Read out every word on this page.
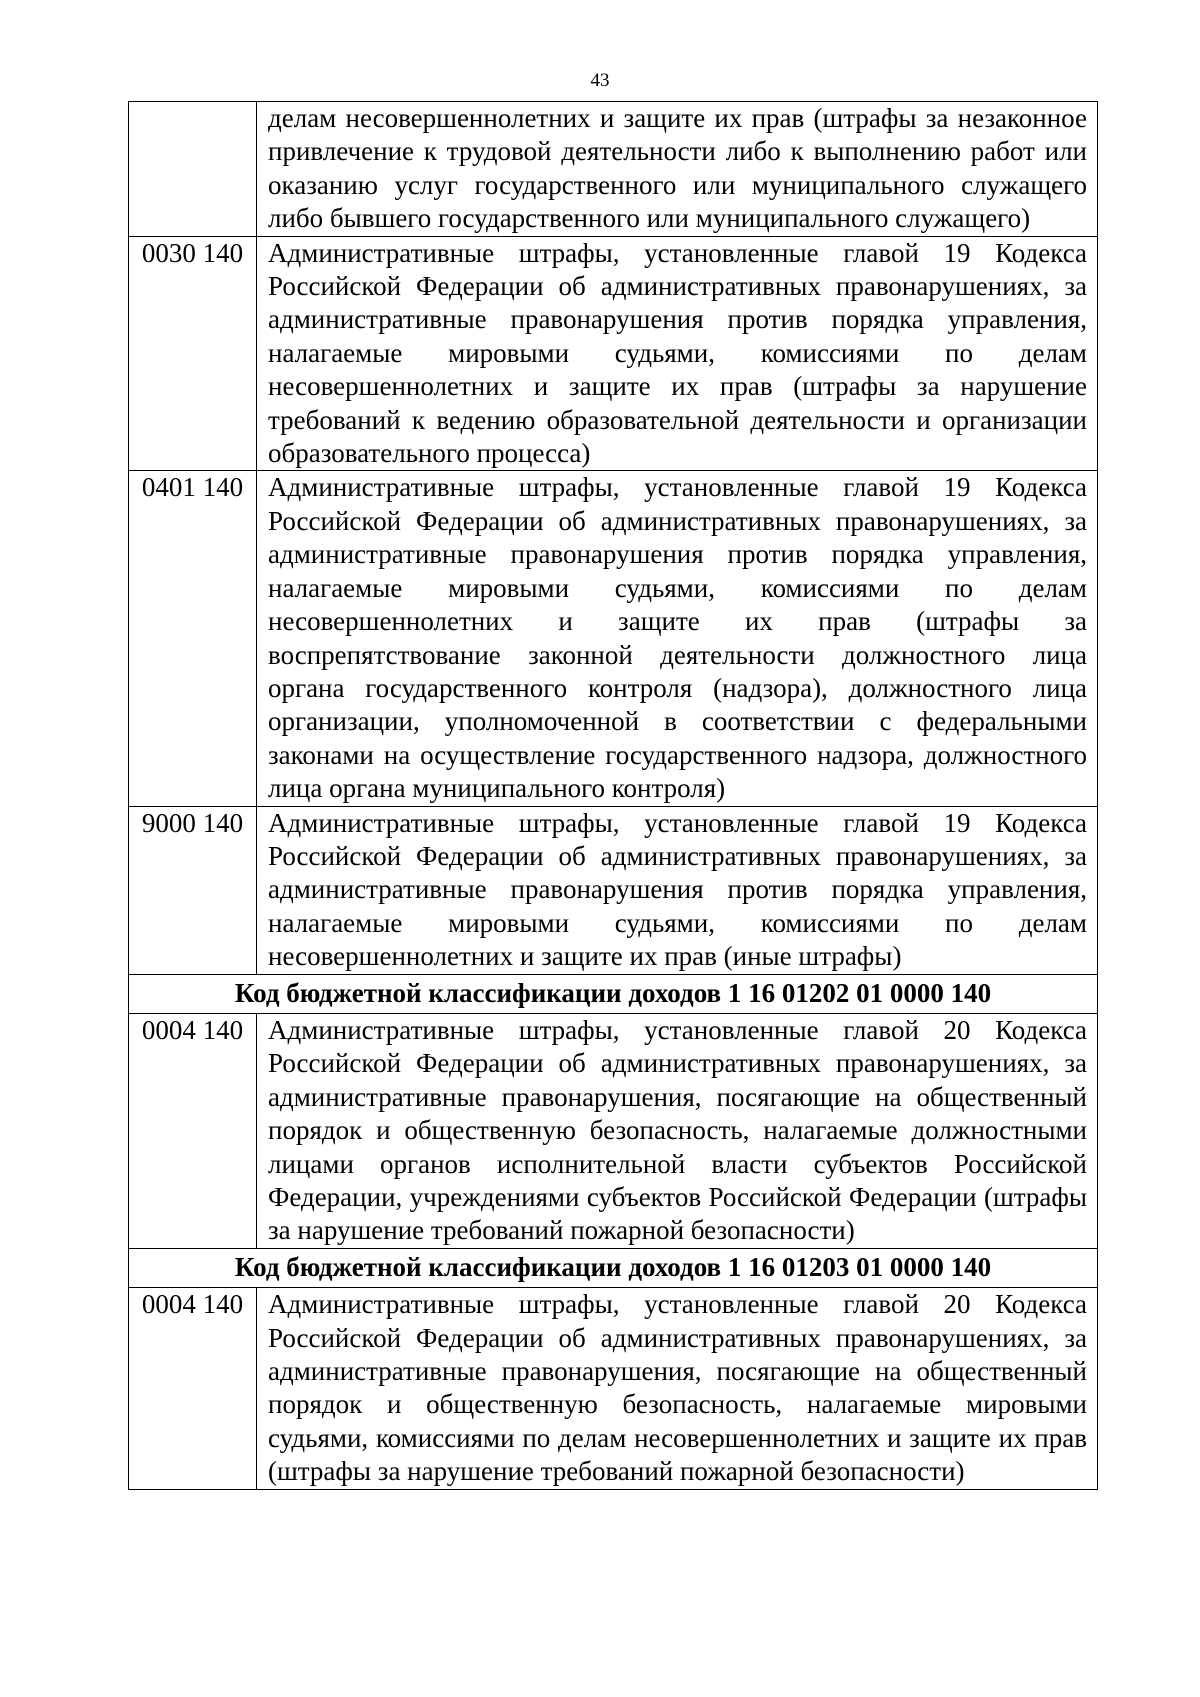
43
	делам несовершеннолетних и защите их прав (штрафы за незаконное привлечение к трудовой деятельности либо к выполнению работ или оказанию услуг государственного или муниципального служащего либо бывшего государственного или муниципального служащего)
0030 140	Административные штрафы, установленные главой 19 Кодекса Российской Федерации об административных правонарушениях, за административные правонарушения против порядка управления, налагаемые мировыми судьями, комиссиями по делам несовершеннолетних и защите их прав (штрафы за нарушение требований к ведению образовательной деятельности и организации образовательного процесса)
0401 140	Административные штрафы, установленные главой 19 Кодекса Российской Федерации об административных правонарушениях, за административные правонарушения против порядка управления, налагаемые мировыми судьями, комиссиями по делам несовершеннолетних и защите их прав (штрафы за воспрепятствование законной деятельности должностного лица органа государственного контроля (надзора), должностного лица организации, уполномоченной в соответствии с федеральными законами на осуществление государственного надзора, должностного лица органа муниципального контроля)
9000 140	Административные штрафы, установленные главой 19 Кодекса Российской Федерации об административных правонарушениях, за административные правонарушения против порядка управления, налагаемые мировыми судьями, комиссиями по делам несовершеннолетних и защите их прав (иные штрафы)
Код бюджетной классификации доходов 1 16 01202 01 0000 140	
0004 140	Административные штрафы, установленные главой 20 Кодекса Российской Федерации об административных правонарушениях, за административные правонарушения, посягающие на общественный порядок и общественную безопасность, налагаемые должностными лицами органов исполнительной власти субъектов Российской Федерации, учреждениями субъектов Российской Федерации (штрафы за нарушение требований пожарной безопасности)
Код бюджетной классификации доходов 1 16 01203 01 0000 140	
0004 140	Административные штрафы, установленные главой 20 Кодекса Российской Федерации об административных правонарушениях, за административные правонарушения, посягающие на общественный порядок и общественную безопасность, налагаемые мировыми судьями, комиссиями по делам несовершеннолетних и защите их прав (штрафы за нарушение требований пожарной безопасности)
